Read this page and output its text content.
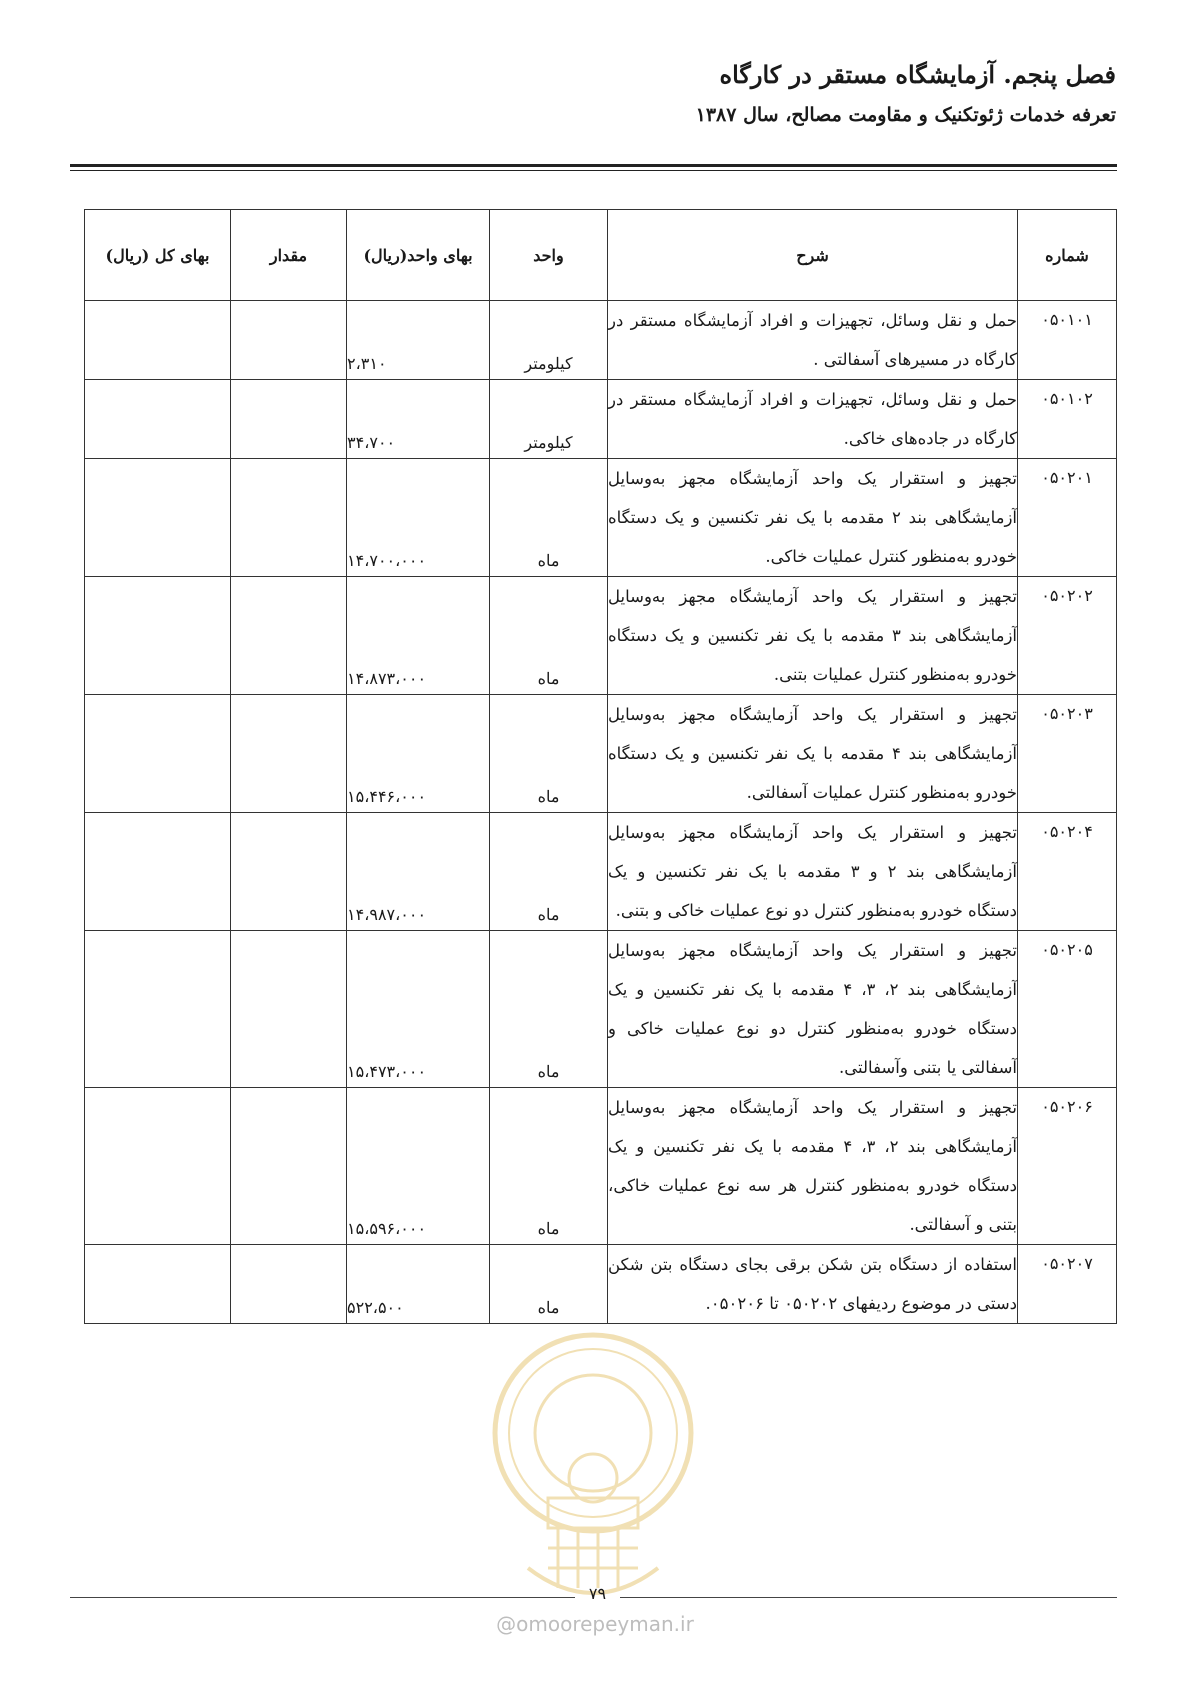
فصل پنجم. آزمایشگاه مستقر در کارگاه
تعرفه خدمات ژئوتکنیک و مقاومت مصالح، سال ۱۳۸۷
شماره	شرح	واحد	بهای واحد(ریال)	مقدار	بهای کل (ریال)
۰۵۰۱۰۱	حمل و نقل وسائل، تجهیزات و افراد آزمایشگاه مستقر در کارگاه در مسیرهای آسفالتی .	کیلومتر	۲،۳۱۰		
۰۵۰۱۰۲	حمل و نقل وسائل، تجهیزات و افراد آزمایشگاه مستقر در کارگاه در جاده‌های خاکی.	کیلومتر	۳۴،۷۰۰		
۰۵۰۲۰۱	تجهیز و استقرار یک واحد آزمایشگاه مجهز به‌وسایل آزمایشگاهی بند ۲ مقدمه با یک نفر تکنسین و یک دستگاه خودرو به‌منظور کنترل عملیات خاکی.	ماه	۱۴،۷۰۰،۰۰۰		
۰۵۰۲۰۲	تجهیز و استقرار یک واحد آزمایشگاه مجهز به‌وسایل آزمایشگاهی بند ۳ مقدمه با یک نفر تکنسین و یک دستگاه خودرو به‌منظور کنترل عملیات بتنی.	ماه	۱۴،۸۷۳،۰۰۰		
۰۵۰۲۰۳	تجهیز و استقرار یک واحد آزمایشگاه مجهز به‌وسایل آزمایشگاهی بند ۴ مقدمه با یک نفر تکنسین و یک دستگاه خودرو به‌منظور کنترل عملیات آسفالتی.	ماه	۱۵،۴۴۶،۰۰۰		
۰۵۰۲۰۴	تجهیز و استقرار یک واحد آزمایشگاه مجهز به‌وسایل آزمایشگاهی بند ۲ و ۳ مقدمه با یک نفر تکنسین و یک دستگاه خودرو به‌منظور کنترل دو نوع عملیات خاکی و بتنی.	ماه	۱۴،۹۸۷،۰۰۰		
۰۵۰۲۰۵	تجهیز و استقرار یک واحد آزمایشگاه مجهز به‌وسایل آزمایشگاهی بند ۲، ۳، ۴ مقدمه با یک نفر تکنسین و یک دستگاه خودرو به‌منظور کنترل دو نوع عملیات خاکی و آسفالتی یا بتنی وآسفالتی.	ماه	۱۵،۴۷۳،۰۰۰		
۰۵۰۲۰۶	تجهیز و استقرار یک واحد آزمایشگاه مجهز به‌وسایل آزمایشگاهی بند ۲، ۳، ۴ مقدمه با یک نفر تکنسین و یک دستگاه خودرو به‌منظور کنترل هر سه نوع عملیات خاکی، بتنی و آسفالتی.	ماه	۱۵،۵۹۶،۰۰۰		
۰۵۰۲۰۷	استفاده از دستگاه بتن شکن برقی بجای دستگاه بتن شکن دستی در موضوع ردیفهای ۰۵۰۲۰۲ تا ۰۵۰۲۰۶.	ماه	۵۲۲،۵۰۰		
۷۹
@omoorepeyman.ir
